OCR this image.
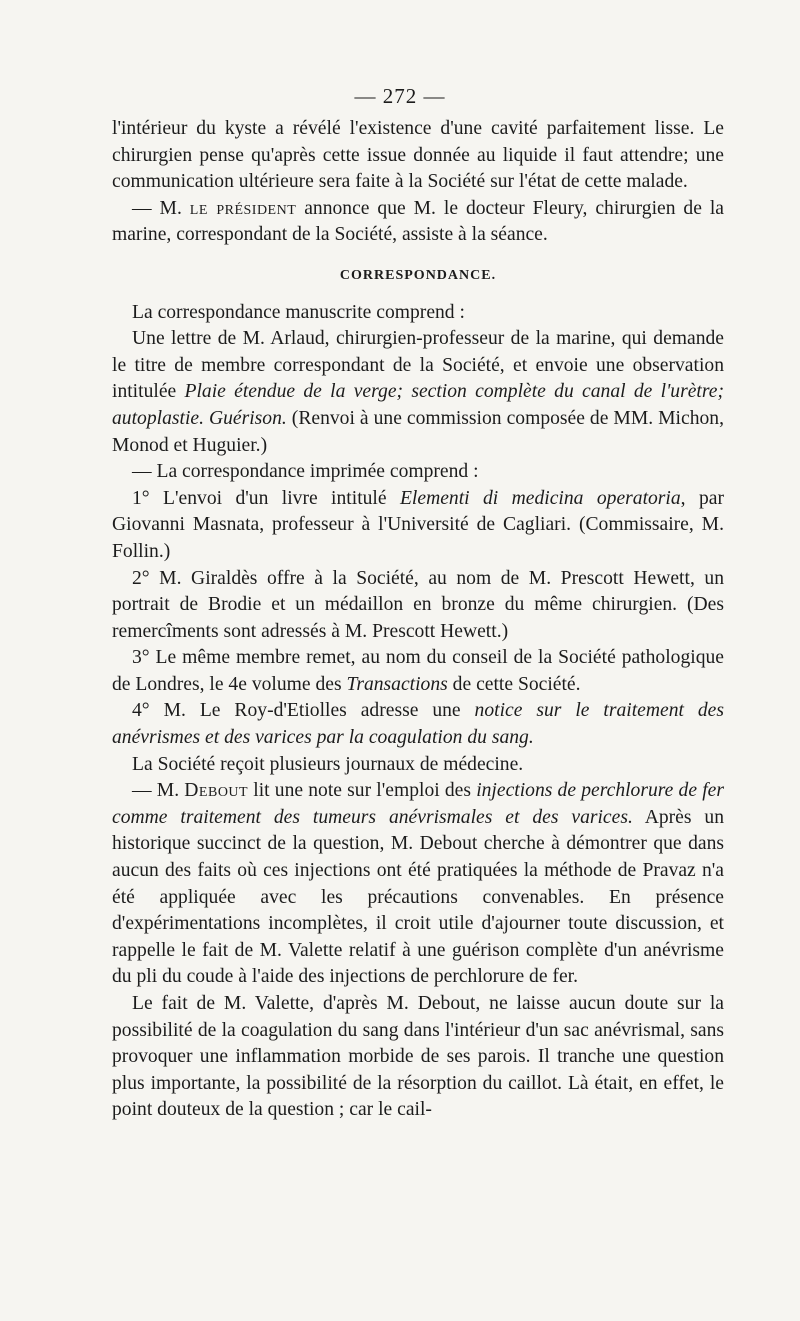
— 272 —

l'intérieur du kyste a révélé l'existence d'une cavité parfaitement lisse. Le chirurgien pense qu'après cette issue donnée au liquide il faut attendre; une communication ultérieure sera faite à la Société sur l'état de cette malade.

— M. le président annonce que M. le docteur Fleury, chirurgien de la marine, correspondant de la Société, assiste à la séance.

CORRESPONDANCE.

La correspondance manuscrite comprend :

Une lettre de M. Arlaud, chirurgien-professeur de la marine, qui demande le titre de membre correspondant de la Société, et envoie une observation intitulée Plaie étendue de la verge; section complète du canal de l'urètre; autoplastie. Guérison. (Renvoi à une commission composée de MM. Michon, Monod et Huguier.)

— La correspondance imprimée comprend :

1° L'envoi d'un livre intitulé Elementi di medicina operatoria, par Giovanni Masnata, professeur à l'Université de Cagliari. (Commissaire, M. Follin.)

2° M. Giraldès offre à la Société, au nom de M. Prescott Hewett, un portrait de Brodie et un médaillon en bronze du même chirurgien. (Des remercîments sont adressés à M. Prescott Hewett.)

3° Le même membre remet, au nom du conseil de la Société pathologique de Londres, le 4e volume des Transactions de cette Société.

4° M. Le Roy-d'Etiolles adresse une notice sur le traitement des anévrismes et des varices par la coagulation du sang.

La Société reçoit plusieurs journaux de médecine.

— M. Debout lit une note sur l'emploi des injections de perchlorure de fer comme traitement des tumeurs anévrismales et des varices. Après un historique succinct de la question, M. Debout cherche à démontrer que dans aucun des faits où ces injections ont été pratiquées la méthode de Pravaz n'a été appliquée avec les précautions convenables. En présence d'expérimentations incomplètes, il croit utile d'ajourner toute discussion, et rappelle le fait de M. Valette relatif à une guérison complète d'un anévrisme du pli du coude à l'aide des injections de perchlorure de fer.

Le fait de M. Valette, d'après M. Debout, ne laisse aucun doute sur la possibilité de la coagulation du sang dans l'intérieur d'un sac anévrismal, sans provoquer une inflammation morbide de ses parois. Il tranche une question plus importante, la possibilité de la résorption du caillot. Là était, en effet, le point douteux de la question ; car le cail-
